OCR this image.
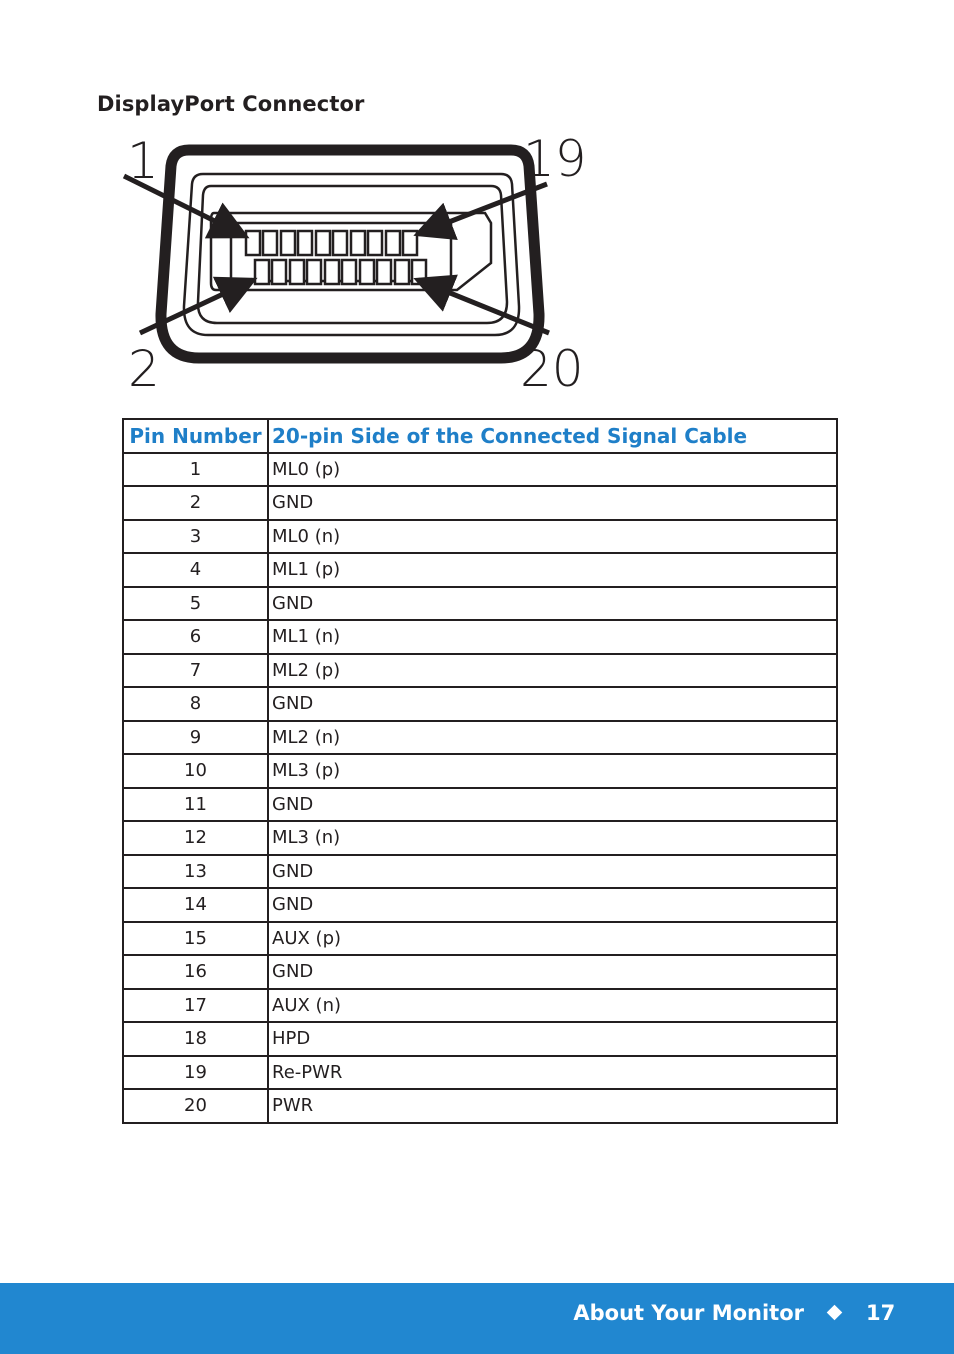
DisplayPort Connector
1	19
2	20
Pin Number	20-pin Side of the Connected Signal Cable
1	ML0 (p)
2	GND
3	ML0 (n)
4	ML1 (p)
5	GND
6	ML1 (n)
7	ML2 (p)
8	GND
9	ML2 (n)
10	ML3 (p)
11	GND
12	ML3 (n)
13	GND
14	GND
15	AUX (p)
16	GND
17	AUX (n)
18	HPD
19	Re-PWR
20	PWR
About Your Monitor	17
